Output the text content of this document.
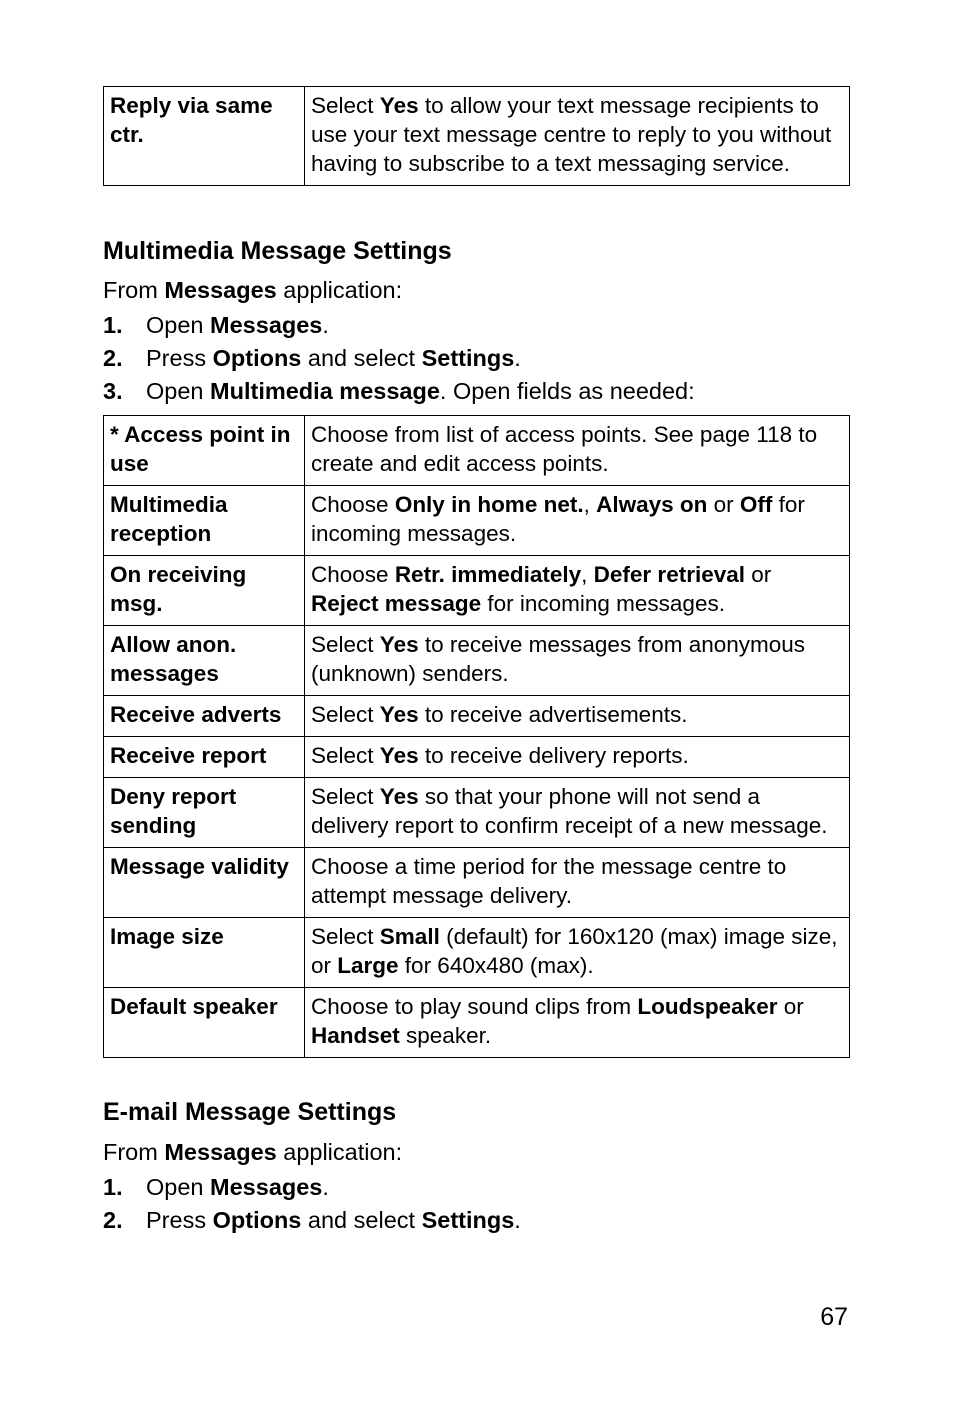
Reply via same ctr.	Select Yes to allow your text message recipients to use your text message centre to reply to you without having to subscribe to a text messaging service.
Multimedia Message Settings

From Messages application:

1. Open Messages.
2. Press Options and select Settings.
3. Open Multimedia message. Open fields as needed:
* Access point in use	Choose from list of access points. See page 118 to create and edit access points.
Multimedia reception	Choose Only in home net., Always on or Off for incoming messages.
On receiving msg.	Choose Retr. immediately, Defer retrieval or Reject message for incoming messages.
Allow anon. messages	Select Yes to receive messages from anonymous (unknown) senders.
Receive adverts	Select Yes to receive advertisements.
Receive report	Select Yes to receive delivery reports.
Deny report sending	Select Yes so that your phone will not send a delivery report to confirm receipt of a new message.
Message validity	Choose a time period for the message centre to attempt message delivery.
Image size	Select Small (default) for 160x120 (max) image size, or Large for 640x480 (max).
Default speaker	Choose to play sound clips from Loudspeaker or Handset speaker.
E-mail Message Settings

From Messages application:

1. Open Messages.
2. Press Options and select Settings.
67
